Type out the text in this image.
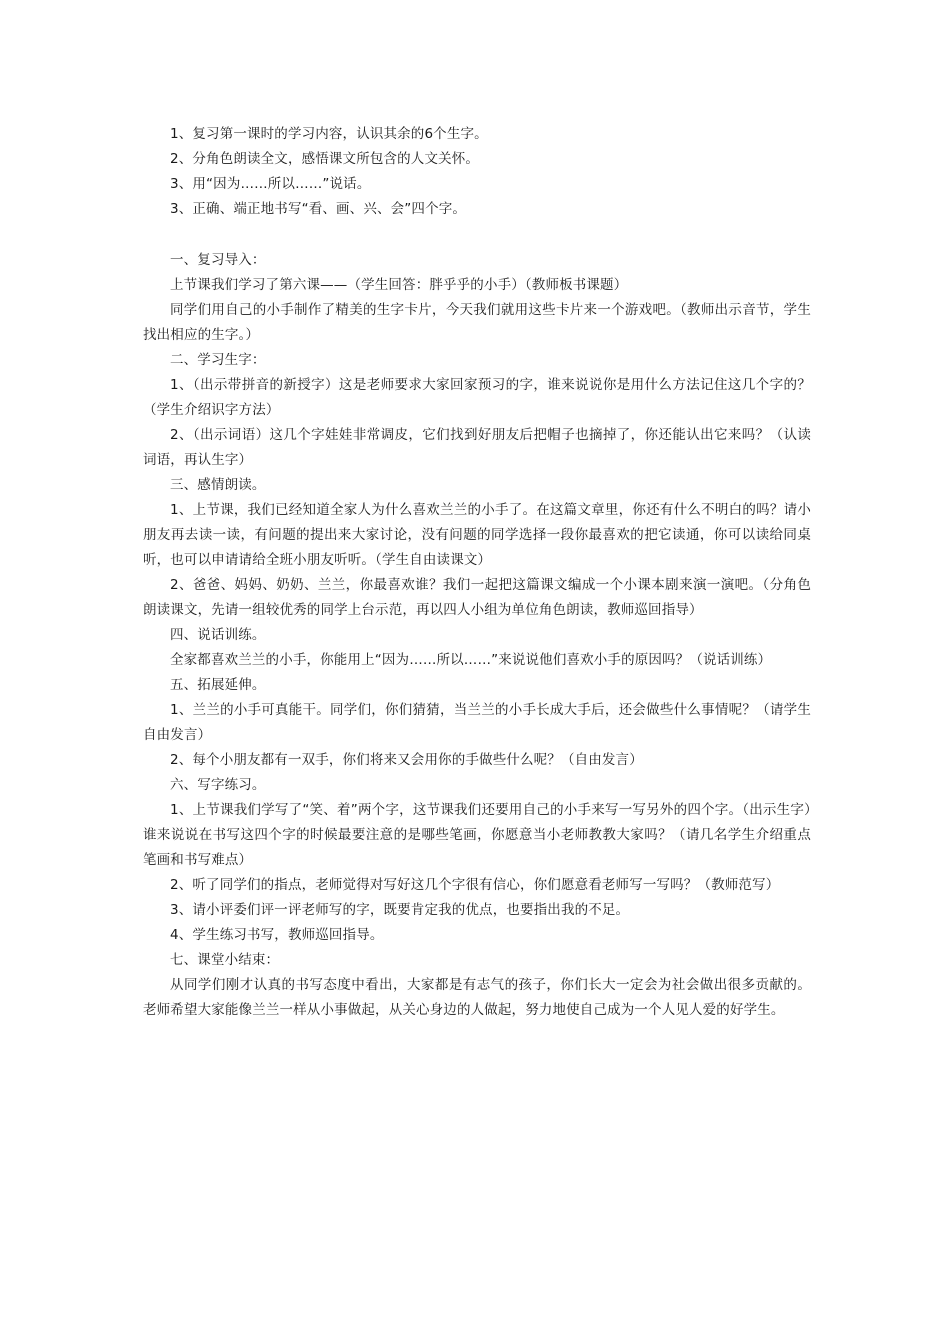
1、复习第一课时的学习内容，认识其余的6个生字。

2、分角色朗读全文，感悟课文所包含的人文关怀。

3、用“因为……所以……”说话。

3、正确、端正地书写“看、画、兴、会”四个字。

一、复习导入：

上节课我们学习了第六课——（学生回答：胖乎乎的小手）（教师板书课题）

同学们用自己的小手制作了精美的生字卡片，今天我们就用这些卡片来一个游戏吧。（教师出示音节，学生找出相应的生字。）

二、学习生字：

1、（出示带拼音的新授字）这是老师要求大家回家预习的字，谁来说说你是用什么方法记住这几个字的？（学生介绍识字方法）

2、（出示词语）这几个字娃娃非常调皮，它们找到好朋友后把帽子也摘掉了，你还能认出它来吗？（认读词语，再认生字）

三、感情朗读。

1、上节课，我们已经知道全家人为什么喜欢兰兰的小手了。在这篇文章里，你还有什么不明白的吗？请小朋友再去读一读，有问题的提出来大家讨论，没有问题的同学选择一段你最喜欢的把它读通，你可以读给同桌听，也可以申请请给全班小朋友听听。（学生自由读课文）

2、爸爸、妈妈、奶奶、兰兰，你最喜欢谁？我们一起把这篇课文编成一个小课本剧来演一演吧。（分角色朗读课文，先请一组较优秀的同学上台示范，再以四人小组为单位角色朗读，教师巡回指导）

四、说话训练。

全家都喜欢兰兰的小手，你能用上“因为……所以……”来说说他们喜欢小手的原因吗？（说话训练）

五、拓展延伸。

1、兰兰的小手可真能干。同学们，你们猜猜，当兰兰的小手长成大手后，还会做些什么事情呢？（请学生自由发言）

2、每个小朋友都有一双手，你们将来又会用你的手做些什么呢？（自由发言）

六、写字练习。

1、上节课我们学写了“笑、着”两个字，这节课我们还要用自己的小手来写一写另外的四个字。（出示生字）谁来说说在书写这四个字的时候最要注意的是哪些笔画，你愿意当小老师教教大家吗？（请几名学生介绍重点笔画和书写难点）

2、听了同学们的指点，老师觉得对写好这几个字很有信心，你们愿意看老师写一写吗？（教师范写）

3、请小评委们评一评老师写的字，既要肯定我的优点，也要指出我的不足。

4、学生练习书写，教师巡回指导。

七、课堂小结束：

从同学们刚才认真的书写态度中看出，大家都是有志气的孩子，你们长大一定会为社会做出很多贡献的。老师希望大家能像兰兰一样从小事做起，从关心身边的人做起，努力地使自己成为一个人见人爱的好学生。
